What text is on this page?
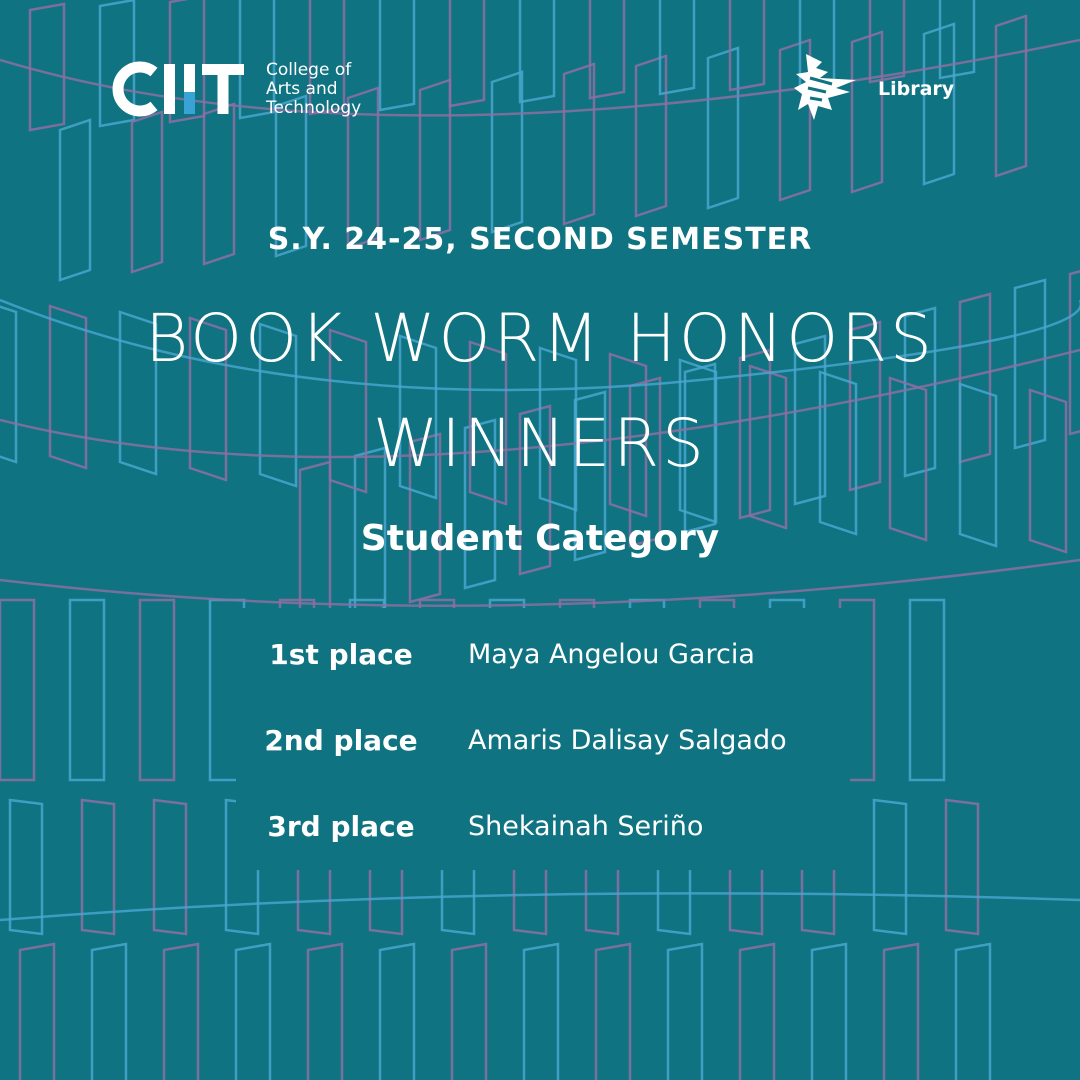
College of
Arts and
Technology
Library
S.Y. 24-25, SECOND SEMESTER
BOOK WORM HONORS
WINNERS
Student Category
1st place	Maya Angelou Garcia
2nd place	Amaris Dalisay Salgado
3rd place	Shekainah Seriño
